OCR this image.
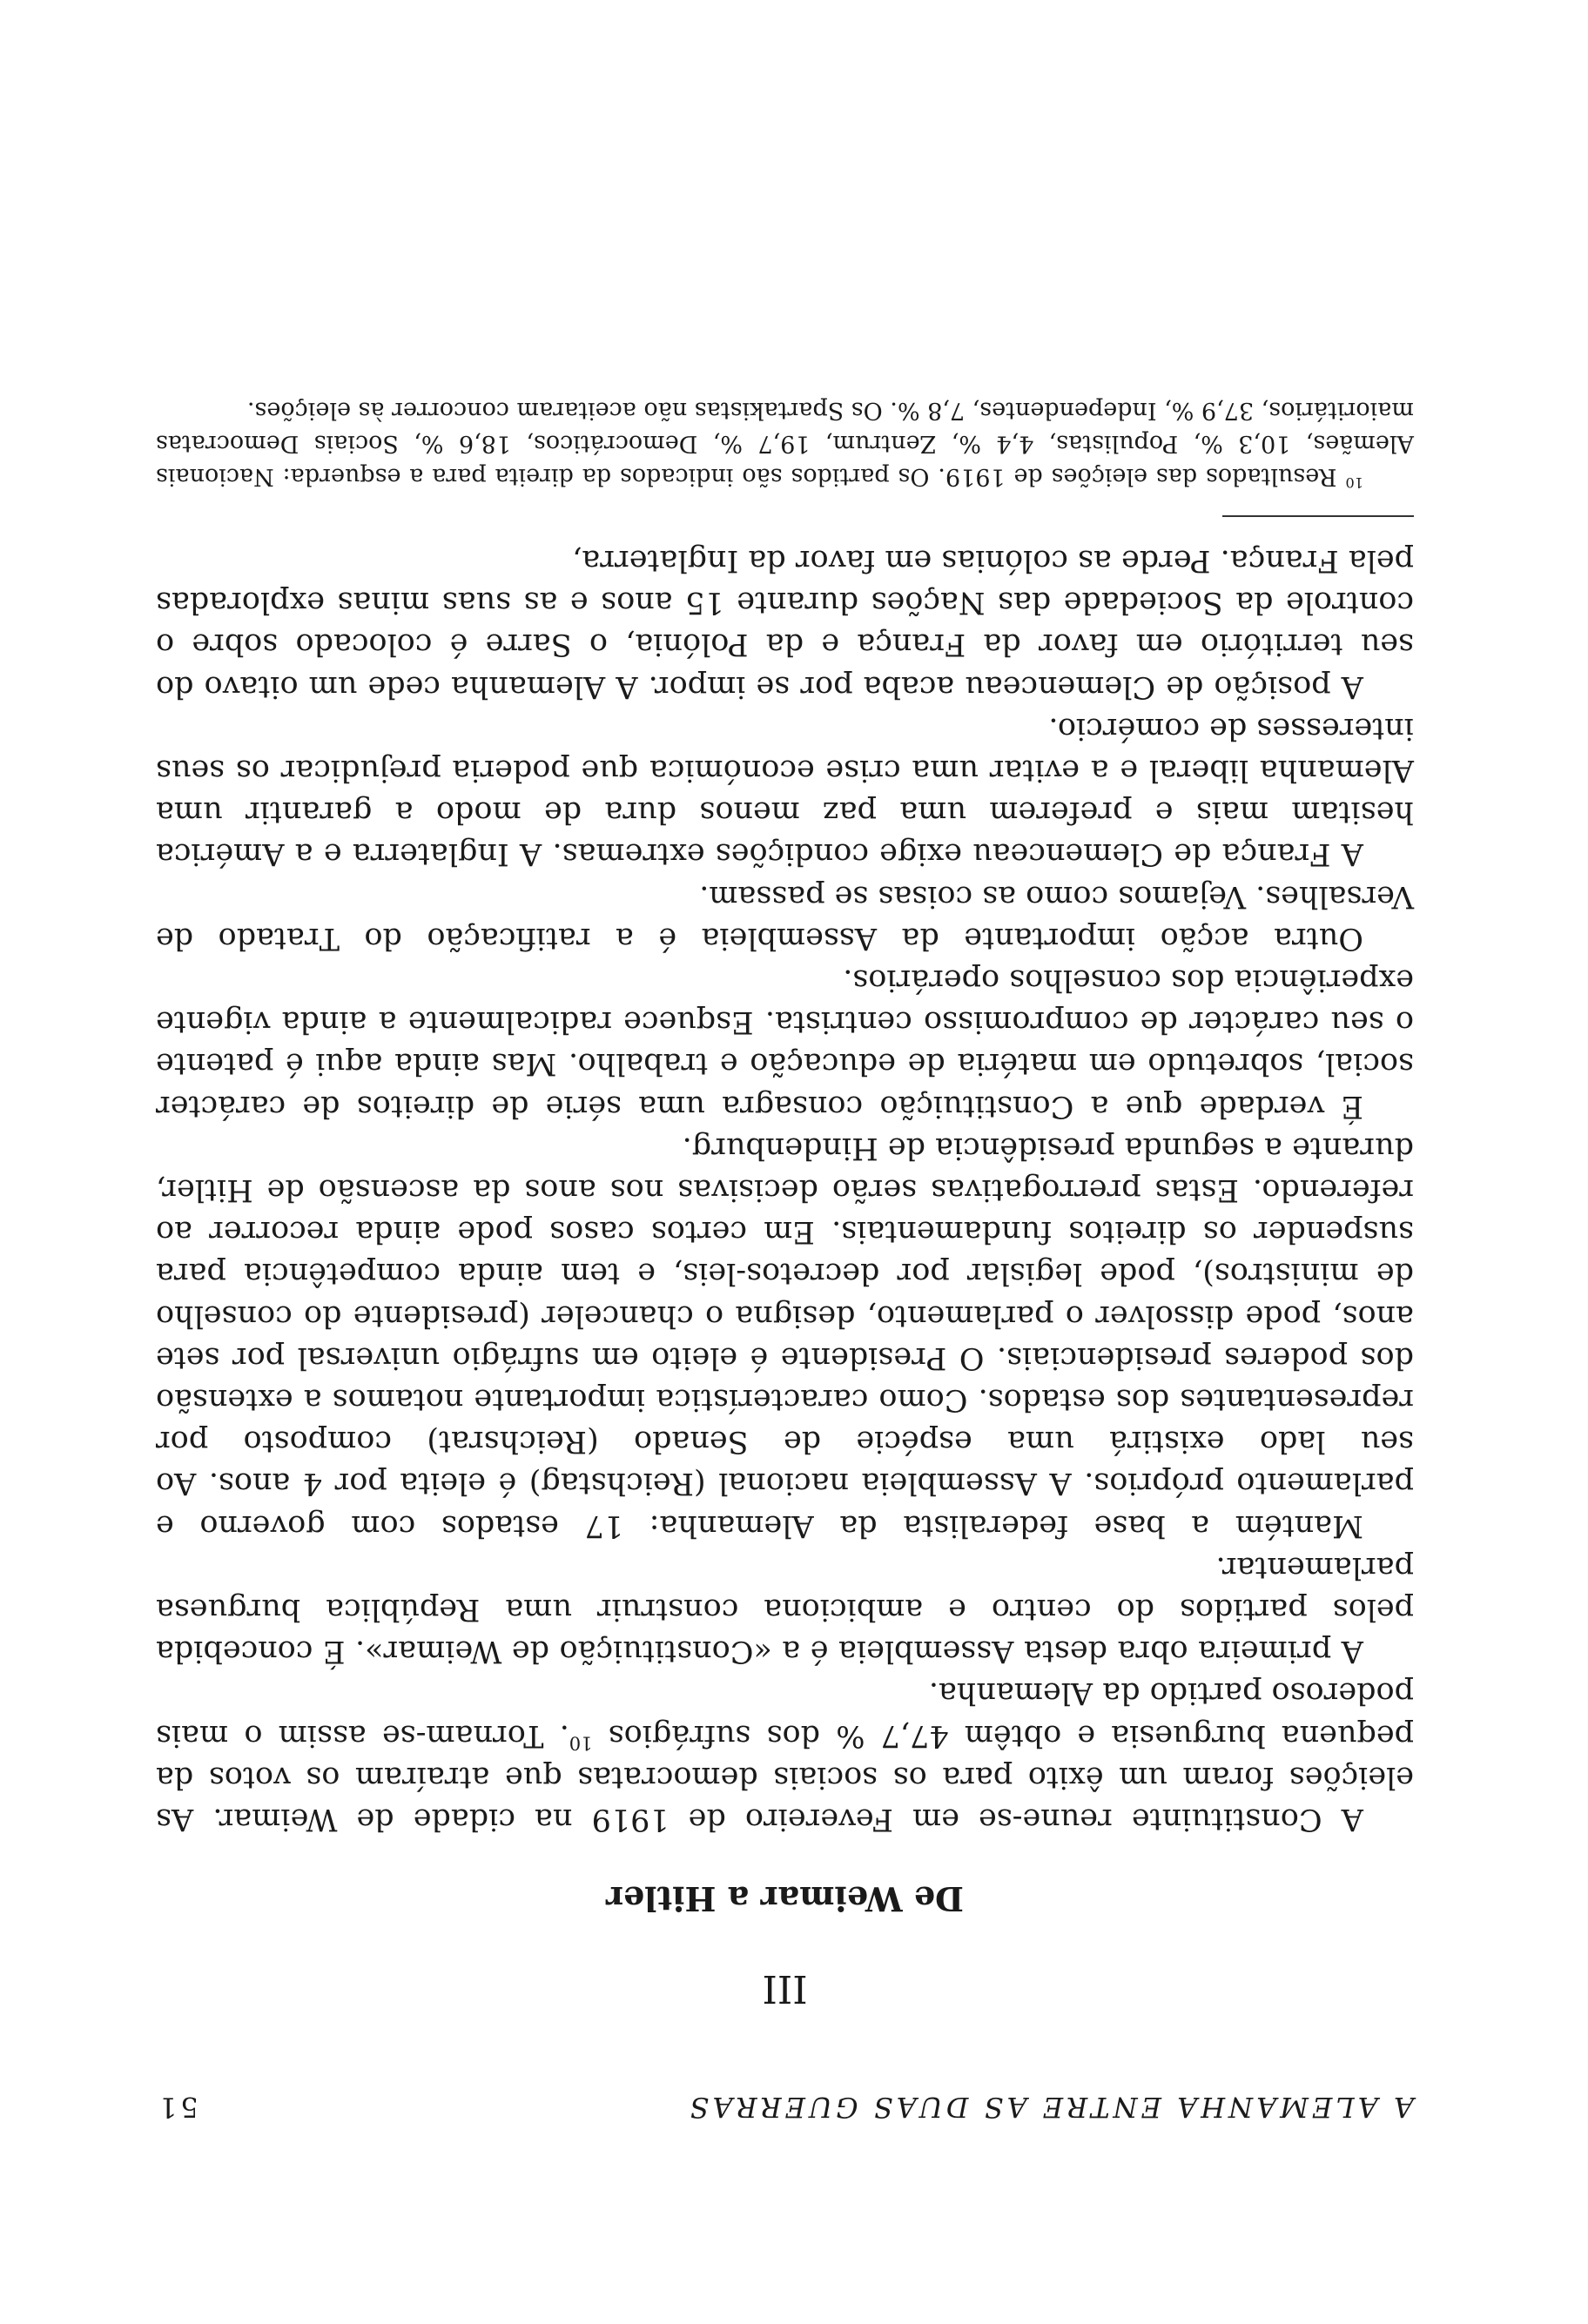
A ALEMANHA ENTRE AS DUAS GUERRAS
51
III
De Weimar a Hitler

A Constituinte reune-se em Fevereiro de 1919 na cidade de Weimar. As eleições foram um êxito para os sociais democratas que atraíram os votos da pequena burguesia e obtêm 47,7 % dos sufrágios $^{10}$. Tornam-se assim o mais poderoso partido da Alemanha.

A primeira obra desta Assembleia é a «Constituição de Weimar». É concebida pelos partidos do centro e ambiciona construir uma República burguesa parlamentar.

Mantém a base federalista da Alemanha: 17 estados com governo e parlamento próprios. A Assembleia nacional (Reichstag) é eleita por 4 anos. Ao seu lado existirá uma espécie de Senado (Reichsrat) composto por representantes dos estados. Como característica importante notamos a extensão dos poderes presidenciais. O Presidente é eleito em sufrágio universal por sete anos, pode dissolver o parlamento, designa o chanceler (presidente do conselho de ministros), pode legislar por decretos-leis, e tem ainda competência para suspender os direitos fundamentais. Em certos casos pode ainda recorrer ao referendo. Estas prerrogativas serão decisivas nos anos da ascensão de Hitler, durante a segunda presidência de Hindenburg.

É verdade que a Constituição consagra uma série de direitos de carácter social, sobretudo em matéria de educação e trabalho. Mas ainda aqui é patente o seu carácter de compromisso centrista. Esquece radicalmente a ainda vigente experiência dos conselhos operários.

Outra acção importante da Assembleia é a ratificação do Tratado de Versalhes. Vejamos como as coisas se passam.

A França de Clemenceau exige condições extremas. A Inglaterra e a América hesitam mais e preferem uma paz menos dura de modo a garantir uma Alemanha liberal e a evitar uma crise económica que poderia prejudicar os seus interesses de comércio.

A posição de Clemenceau acaba por se impor. A Alemanha cede um oitavo do seu território em favor da França e da Polónia, o Sarre é colocado sobre o controle da Sociedade das Nações durante 15 anos e as suas minas exploradas pela França. Perde as colónias em favor da Inglaterra,

$^{10}$ Resultados das eleições de 1919. Os partidos são indicados da direita para a esquerda: Nacionais Alemães, 10,3 %, Populistas, 4,4 %, Zentrum, 19,7 %, Democráticos, 18,6 %, Sociais Democratas maioritários, 37,9 %, Independentes, 7,8 %. Os Spartakistas não aceitaram concorrer às eleições.
